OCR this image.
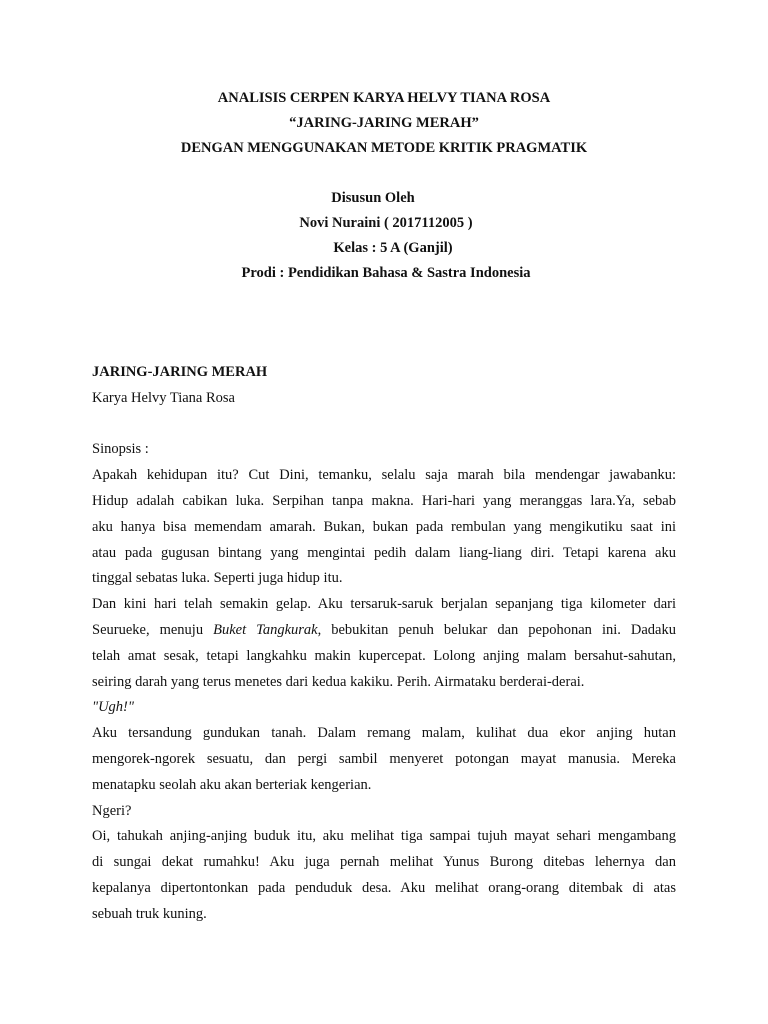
ANALISIS CERPEN KARYA HELVY TIANA ROSA
“JARING-JARING MERAH”
DENGAN MENGGUNAKAN METODE KRITIK PRAGMATIK
Disusun Oleh
Novi Nuraini ( 2017112005 )
Kelas : 5 A (Ganjil)
Prodi : Pendidikan Bahasa & Sastra Indonesia
JARING-JARING MERAH
Karya Helvy Tiana Rosa
Sinopsis :
Apakah kehidupan itu? Cut Dini, temanku, selalu saja marah bila mendengar jawabanku:
Hidup adalah cabikan luka. Serpihan tanpa makna. Hari-hari yang meranggas lara.Ya, sebab
aku hanya bisa memendam amarah. Bukan, bukan pada rembulan yang mengikutiku saat ini
atau pada gugusan bintang yang mengintai pedih dalam liang-liang diri. Tetapi karena aku
tinggal sebatas luka. Seperti juga hidup itu.
Dan kini hari telah semakin gelap. Aku tersaruk-saruk berjalan sepanjang tiga kilometer dari
Seurueke, menuju Buket Tangkurak, bebukitan penuh belukar dan pepohonan ini. Dadaku
telah amat sesak, tetapi langkahku makin kupercepat. Lolong anjing malam bersahut-sahutan,
seiring darah yang terus menetes dari kedua kakiku. Perih. Airmataku berderai-derai.
"Ugh!"
Aku tersandung gundukan tanah. Dalam remang malam, kulihat dua ekor anjing hutan
mengorek-ngorek sesuatu, dan pergi sambil menyeret potongan mayat manusia. Mereka
menatapku seolah aku akan berteriak kengerian.
Ngeri?
Oi, tahukah anjing-anjing buduk itu, aku melihat tiga sampai tujuh mayat sehari mengambang
di sungai dekat rumahku! Aku juga pernah melihat Yunus Burong ditebas lehernya dan
kepalanya dipertontonkan pada penduduk desa. Aku melihat orang-orang ditembak di atas
sebuah truk kuning.
